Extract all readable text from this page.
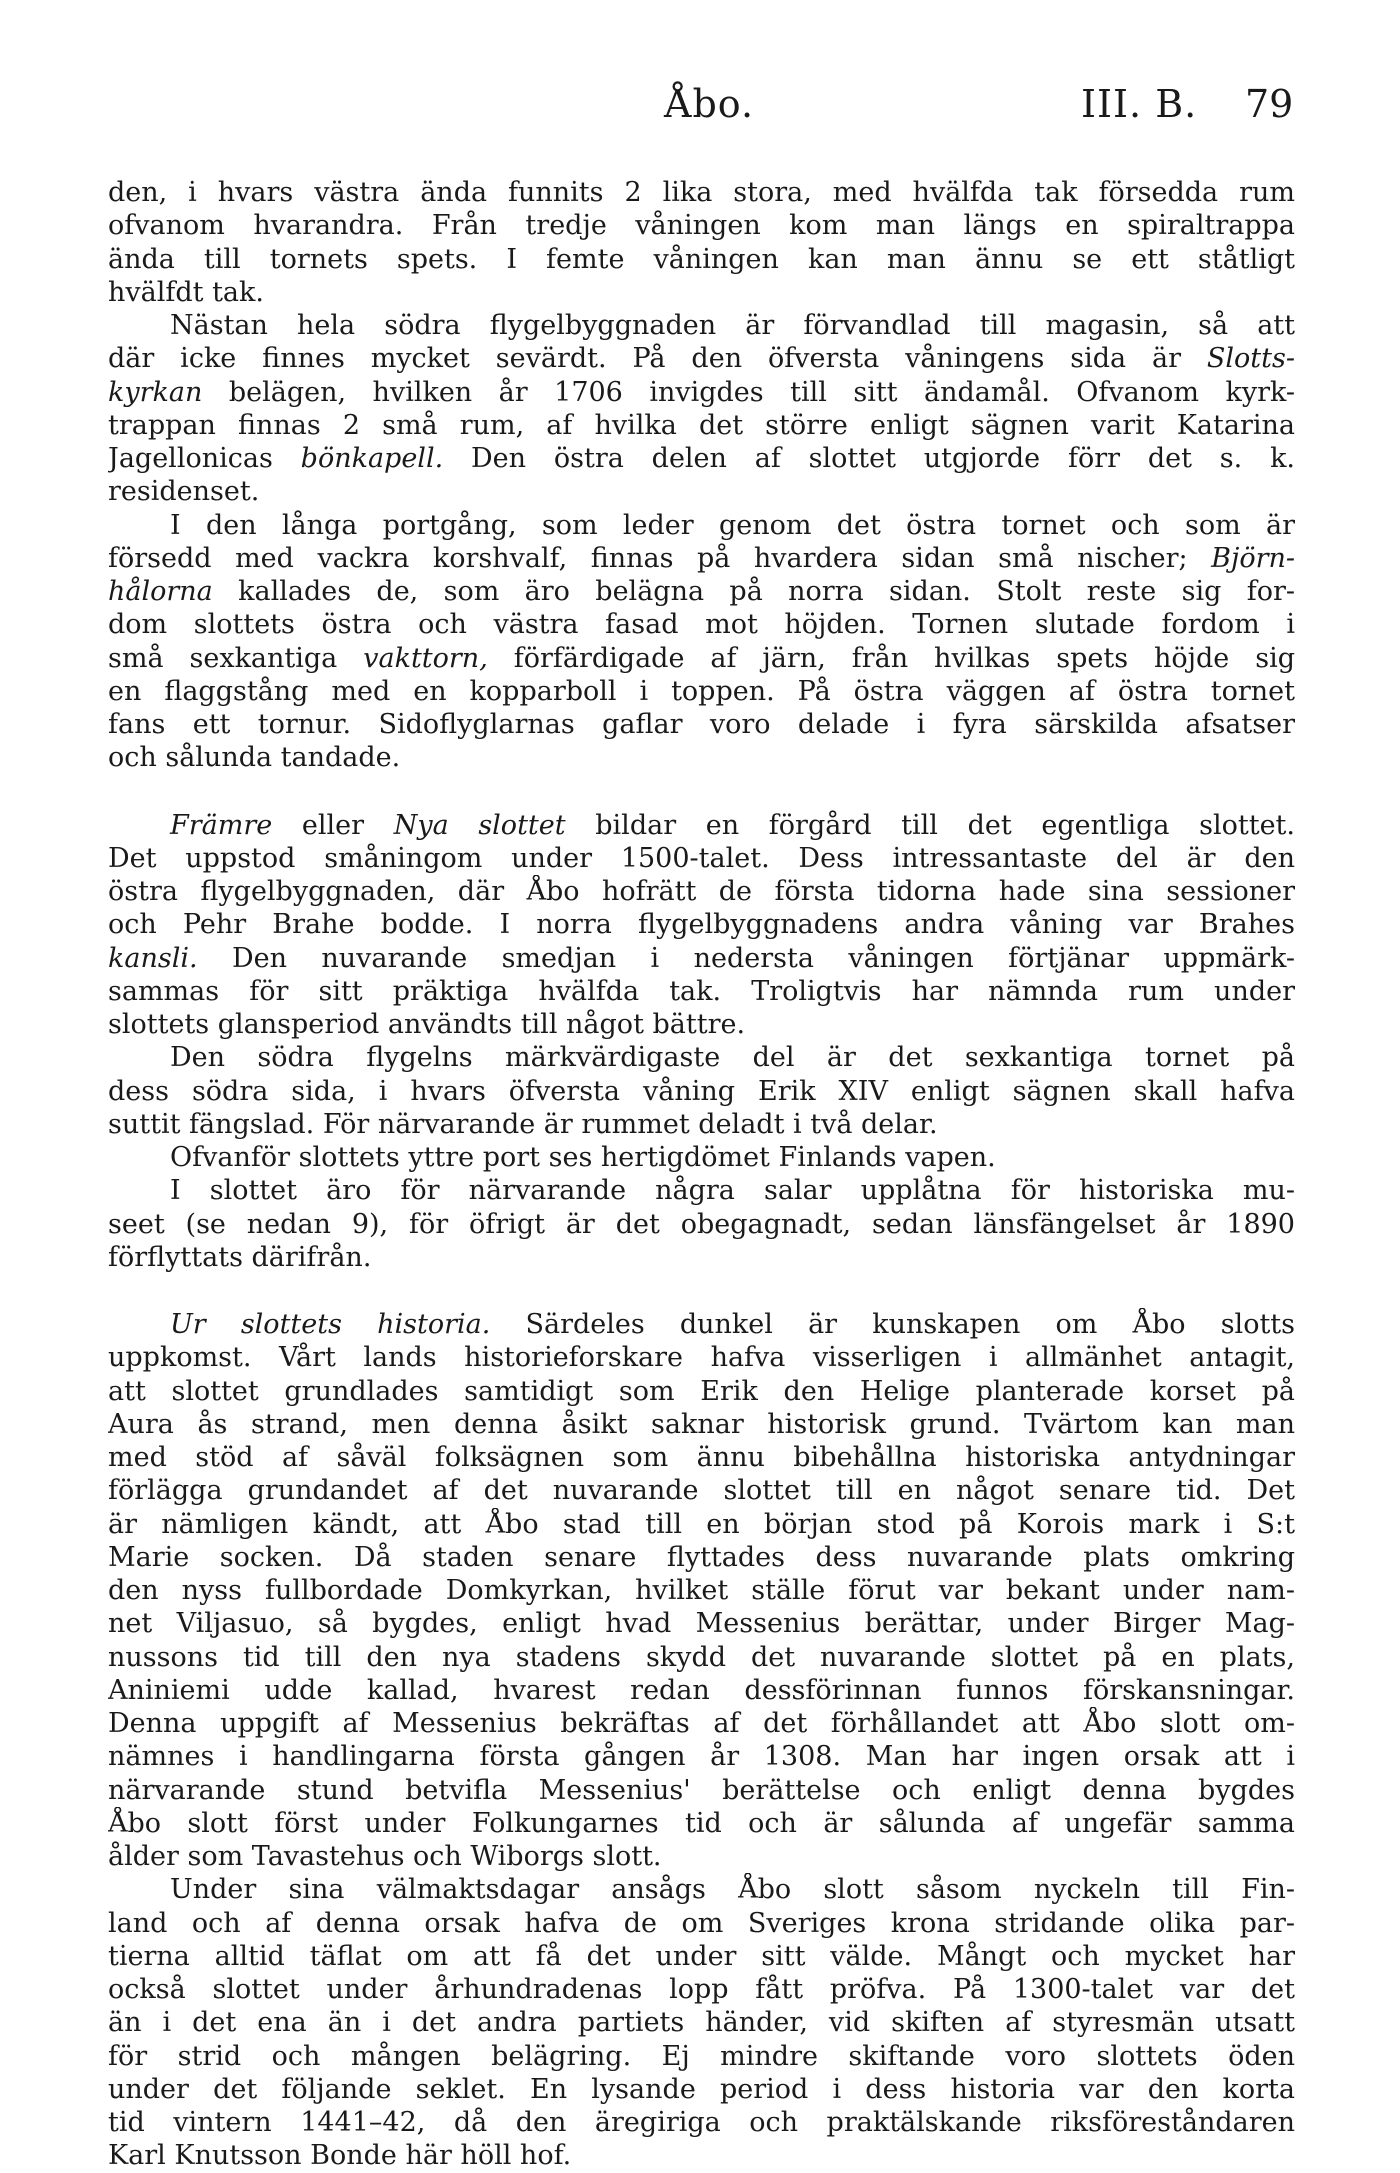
Åbo.	III. B. 79
den, i hvars västra ända funnits 2 lika stora, med hvälfda tak försedda rum
ofvanom hvarandra. Från tredje våningen kom man längs en spiraltrappa
ända till tornets spets. I femte våningen kan man ännu se ett ståtligt
hvälfdt tak.
Nästan hela södra flygelbyggnaden är förvandlad till magasin, så att
där icke finnes mycket sevärdt. På den öfversta våningens sida är Slotts-
kyrkan belägen, hvilken år 1706 invigdes till sitt ändamål. Ofvanom kyrk-
trappan finnas 2 små rum, af hvilka det större enligt sägnen varit Katarina
Jagellonicas bönkapell. Den östra delen af slottet utgjorde förr det s. k.
residenset.
I den långa portgång, som leder genom det östra tornet och som är
försedd med vackra korshvalf, finnas på hvardera sidan små nischer; Björn-
hålorna kallades de, som äro belägna på norra sidan. Stolt reste sig for-
dom slottets östra och västra fasad mot höjden. Tornen slutade fordom i
små sexkantiga vakttorn, förfärdigade af järn, från hvilkas spets höjde sig
en flaggstång med en kopparboll i toppen. På östra väggen af östra tornet
fans ett tornur. Sidoflyglarnas gaflar voro delade i fyra särskilda afsatser
och sålunda tandade.
Främre eller Nya slottet bildar en förgård till det egentliga slottet.
Det uppstod småningom under 1500-talet. Dess intressantaste del är den
östra flygelbyggnaden, där Åbo hofrätt de första tidorna hade sina sessioner
och Pehr Brahe bodde. I norra flygelbyggnadens andra våning var Brahes
kansli. Den nuvarande smedjan i nedersta våningen förtjänar uppmärk-
sammas för sitt präktiga hvälfda tak. Troligtvis har nämnda rum under
slottets glansperiod användts till något bättre.
Den södra flygelns märkvärdigaste del är det sexkantiga tornet på
dess södra sida, i hvars öfversta våning Erik XIV enligt sägnen skall hafva
suttit fängslad. För närvarande är rummet deladt i två delar.
Ofvanför slottets yttre port ses hertigdömet Finlands vapen.
I slottet äro för närvarande några salar upplåtna för historiska mu-
seet (se nedan 9), för öfrigt är det obegagnadt, sedan länsfängelset år 1890
förflyttats därifrån.
Ur slottets historia. Särdeles dunkel är kunskapen om Åbo slotts
uppkomst. Vårt lands historieforskare hafva visserligen i allmänhet antagit,
att slottet grundlades samtidigt som Erik den Helige planterade korset på
Aura ås strand, men denna åsikt saknar historisk grund. Tvärtom kan man
med stöd af såväl folksägnen som ännu bibehållna historiska antydningar
förlägga grundandet af det nuvarande slottet till en något senare tid. Det
är nämligen kändt, att Åbo stad till en början stod på Korois mark i S:t
Marie socken. Då staden senare flyttades dess nuvarande plats omkring
den nyss fullbordade Domkyrkan, hvilket ställe förut var bekant under nam-
net Viljasuo, så bygdes, enligt hvad Messenius berättar, under Birger Mag-
nussons tid till den nya stadens skydd det nuvarande slottet på en plats,
Aniniemi udde kallad, hvarest redan dessförinnan funnos förskansningar.
Denna uppgift af Messenius bekräftas af det förhållandet att Åbo slott om-
nämnes i handlingarna första gången år 1308. Man har ingen orsak att i
närvarande stund betvifla Messenius' berättelse och enligt denna bygdes
Åbo slott först under Folkungarnes tid och är sålunda af ungefär samma
ålder som Tavastehus och Wiborgs slott.
Under sina välmaktsdagar ansågs Åbo slott såsom nyckeln till Fin-
land och af denna orsak hafva de om Sveriges krona stridande olika par-
tierna alltid täflat om att få det under sitt välde. Mångt och mycket har
också slottet under århundradenas lopp fått pröfva. På 1300-talet var det
än i det ena än i det andra partiets händer, vid skiften af styresmän utsatt
för strid och mången belägring. Ej mindre skiftande voro slottets öden
under det följande seklet. En lysande period i dess historia var den korta
tid vintern 1441–42, då den äregiriga och praktälskande riksföreståndaren
Karl Knutsson Bonde här höll hof.
